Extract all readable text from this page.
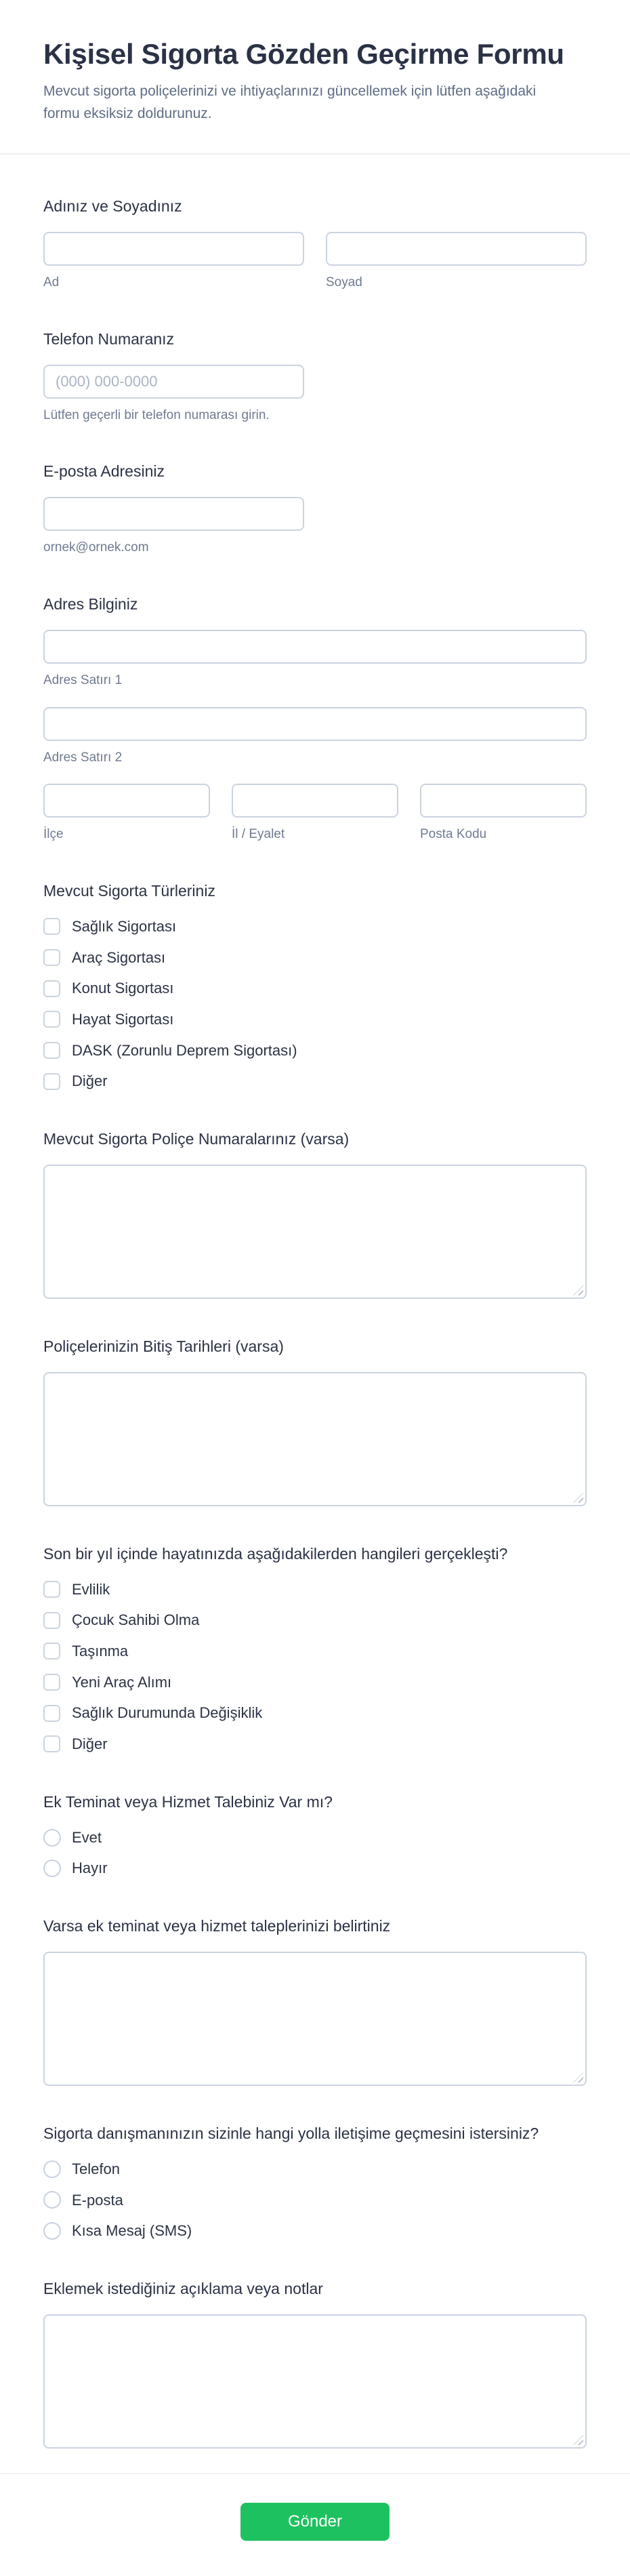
Kişisel Sigorta Gözden Geçirme Formu

Mevcut sigorta poliçelerinizi ve ihtiyaçlarınızı güncellemek için lütfen aşağıdaki formu eksiksiz doldurunuz.

Adınız ve Soyadınız
Ad	Soyad
Telefon Numaranız
(000) 000-0000
Lütfen geçerli bir telefon numarası girin.
E-posta Adresiniz
ornek@ornek.com
Adres Bilginiz
Adres Satırı 1
Adres Satırı 2
İlçe	İl / Eyalet	Posta Kodu
Mevcut Sigorta Türleriniz
Sağlık Sigortası
Araç Sigortası
Konut Sigortası
Hayat Sigortası
DASK (Zorunlu Deprem Sigortası)
Diğer
Mevcut Sigorta Poliçe Numaralarınız (varsa)
Poliçelerinizin Bitiş Tarihleri (varsa)
Son bir yıl içinde hayatınızda aşağıdakilerden hangileri gerçekleşti?
Evlilik
Çocuk Sahibi Olma
Taşınma
Yeni Araç Alımı
Sağlık Durumunda Değişiklik
Diğer
Ek Teminat veya Hizmet Talebiniz Var mı?
Evet
Hayır
Varsa ek teminat veya hizmet taleplerinizi belirtiniz
Sigorta danışmanınızın sizinle hangi yolla iletişime geçmesini istersiniz?
Telefon
E-posta
Kısa Mesaj (SMS)
Eklemek istediğiniz açıklama veya notlar
Gönder
